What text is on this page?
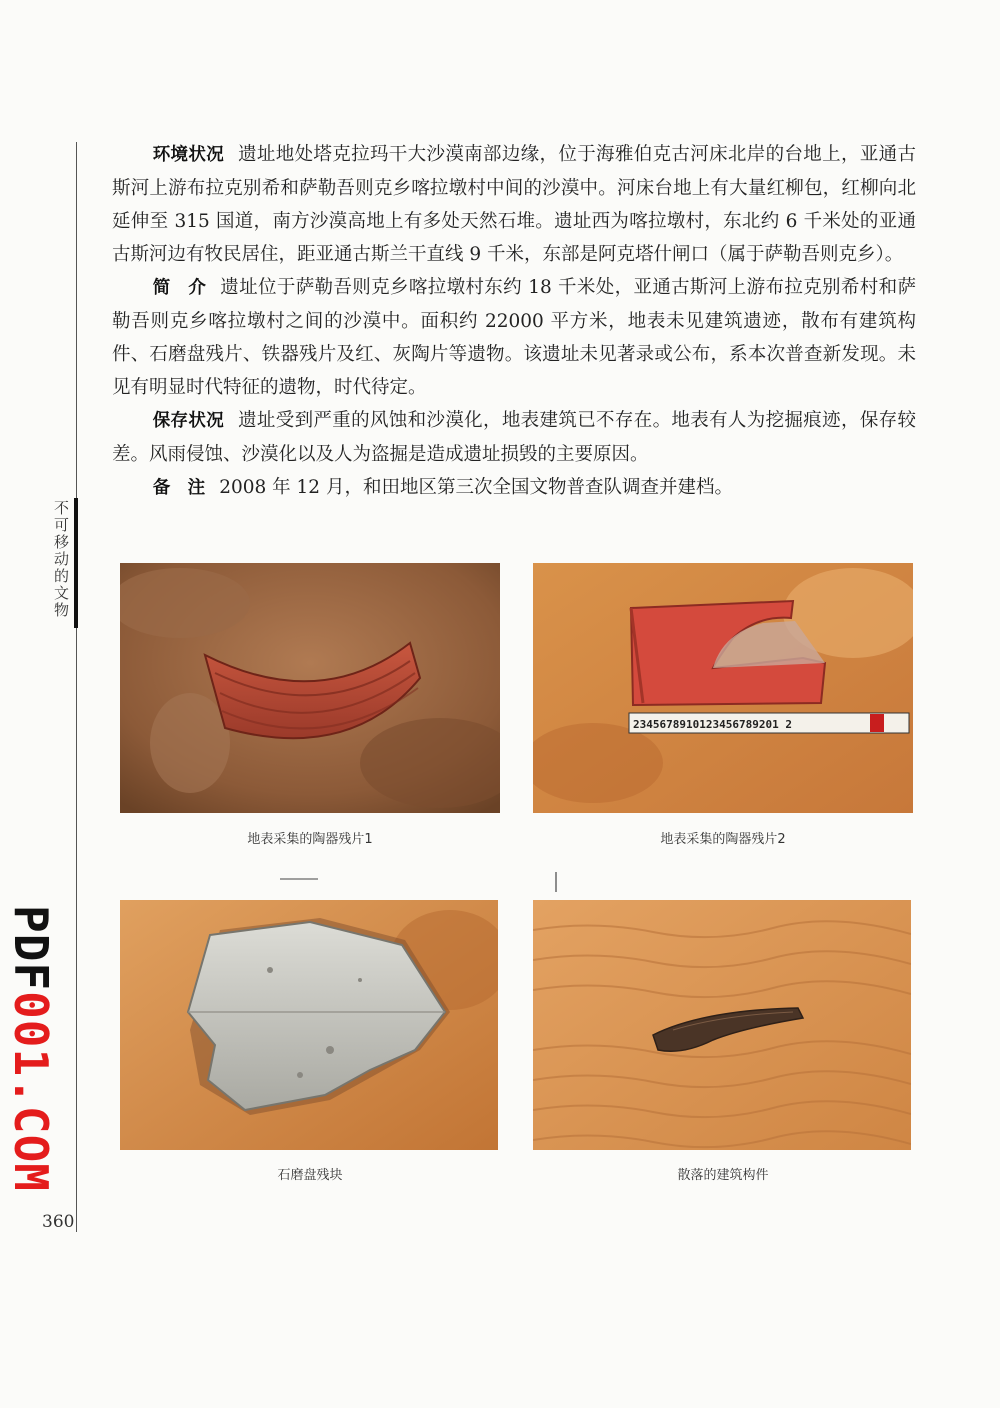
不可移动的文物
PDF001.COM
360

环境状况 遗址地处塔克拉玛干大沙漠南部边缘，位于海雅伯克古河床北岸的台地上，亚通古斯河上游布拉克别希和萨勒吾则克乡喀拉墩村中间的沙漠中。河床台地上有大量红柳包，红柳向北延伸至 315 国道，南方沙漠高地上有多处天然石堆。遗址西为喀拉墩村，东北约 6 千米处的亚通古斯河边有牧民居住，距亚通古斯兰干直线 9 千米，东部是阿克塔什闸口（属于萨勒吾则克乡）。

简　介 遗址位于萨勒吾则克乡喀拉墩村东约 18 千米处，亚通古斯河上游布拉克别希村和萨勒吾则克乡喀拉墩村之间的沙漠中。面积约 22000 平方米，地表未见建筑遗迹，散布有建筑构件、石磨盘残片、铁器残片及红、灰陶片等遗物。该遗址未见著录或公布，系本次普查新发现。未见有明显时代特征的遗物，时代待定。

保存状况 遗址受到严重的风蚀和沙漠化，地表建筑已不存在。地表有人为挖掘痕迹，保存较差。风雨侵蚀、沙漠化以及人为盗掘是造成遗址损毁的主要原因。

备　注 2008 年 12 月，和田地区第三次全国文物普查队调查并建档。

地表采集的陶器残片1
2345678910123456789201 2
地表采集的陶器残片2
石磨盘残块	散落的建筑构件
